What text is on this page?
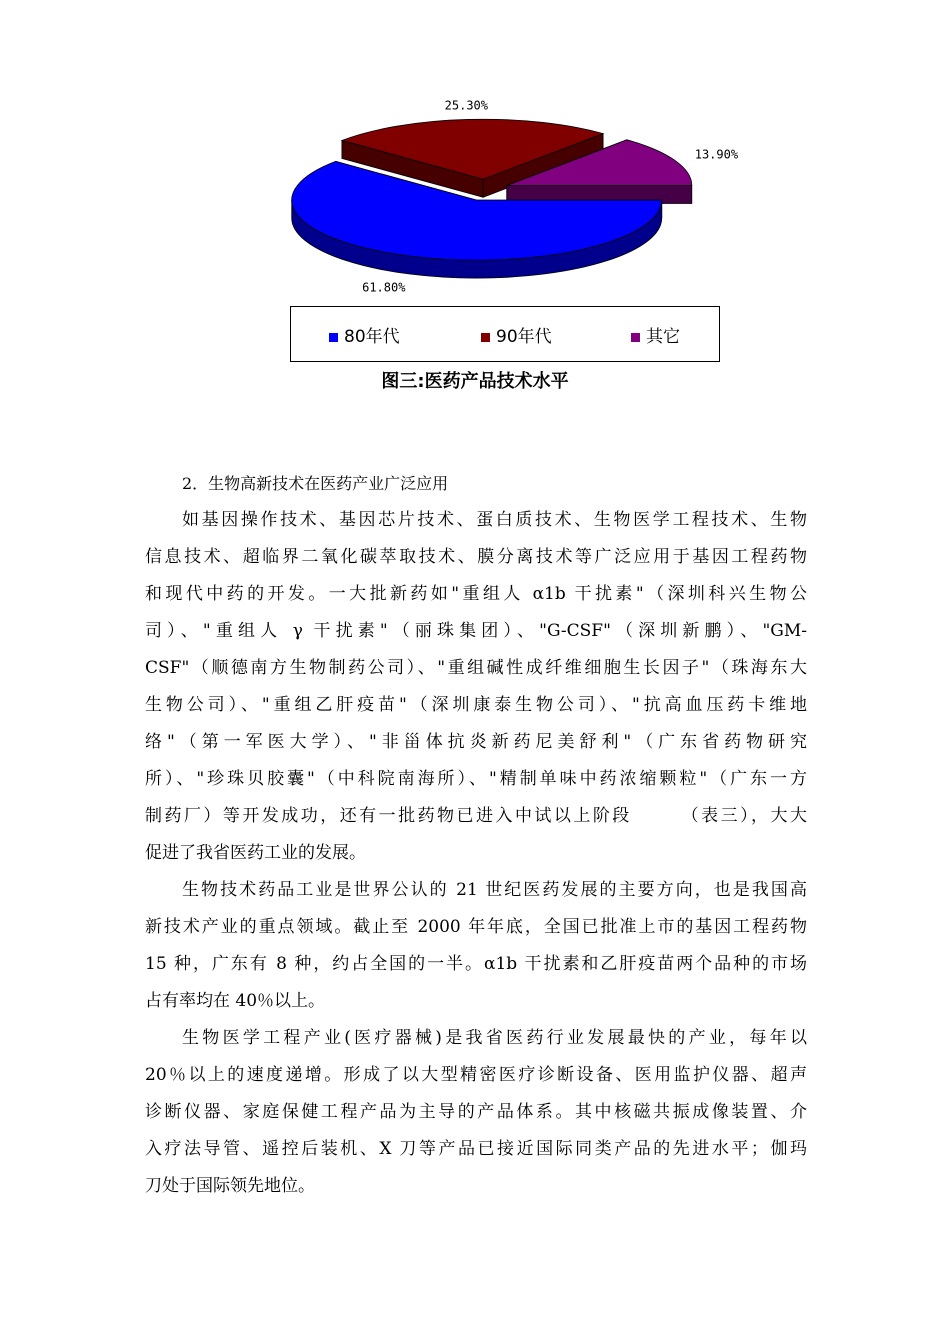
61.80%
25.30%
13.90%
80年代	90年代	其它
图三:医药产品技术水平
2．生物高新技术在医药产业广泛应用
如基因操作技术、基因芯片技术、蛋白质技术、生物医学工程技术、生物
信息技术、超临界二氧化碳萃取技术、膜分离技术等广泛应用于基因工程药物
和现代中药的开发。一大批新药如"重组人 α1b 干扰素"（深圳科兴生物公
司）、"重组人 γ 干扰素"（丽珠集团）、"G-CSF"（深圳新鹏）、"GM-
CSF"（顺德南方生物制药公司）、"重组碱性成纤维细胞生长因子"（珠海东大
生物公司）、"重组乙肝疫苗"（深圳康泰生物公司）、"抗高血压药卡维地
络"（第一军医大学）、"非甾体抗炎新药尼美舒利"（广东省药物研究
所）、"珍珠贝胶囊"（中科院南海所）、"精制单味中药浓缩颗粒"（广东一方
制药厂）等开发成功，还有一批药物已进入中试以上阶段　　　（表三），大大
促进了我省医药工业的发展。
生物技术药品工业是世界公认的 21 世纪医药发展的主要方向，也是我国高
新技术产业的重点领域。截止至 2000 年年底，全国已批准上市的基因工程药物
15 种，广东有 8 种，约占全国的一半。α1b 干扰素和乙肝疫苗两个品种的市场
占有率均在 40％以上。
生物医学工程产业(医疗器械)是我省医药行业发展最快的产业，每年以
20％以上的速度递增。形成了以大型精密医疗诊断设备、医用监护仪器、超声
诊断仪器、家庭保健工程产品为主导的产品体系。其中核磁共振成像装置、介
入疗法导管、遥控后装机、X 刀等产品已接近国际同类产品的先进水平；伽玛
刀处于国际领先地位。
